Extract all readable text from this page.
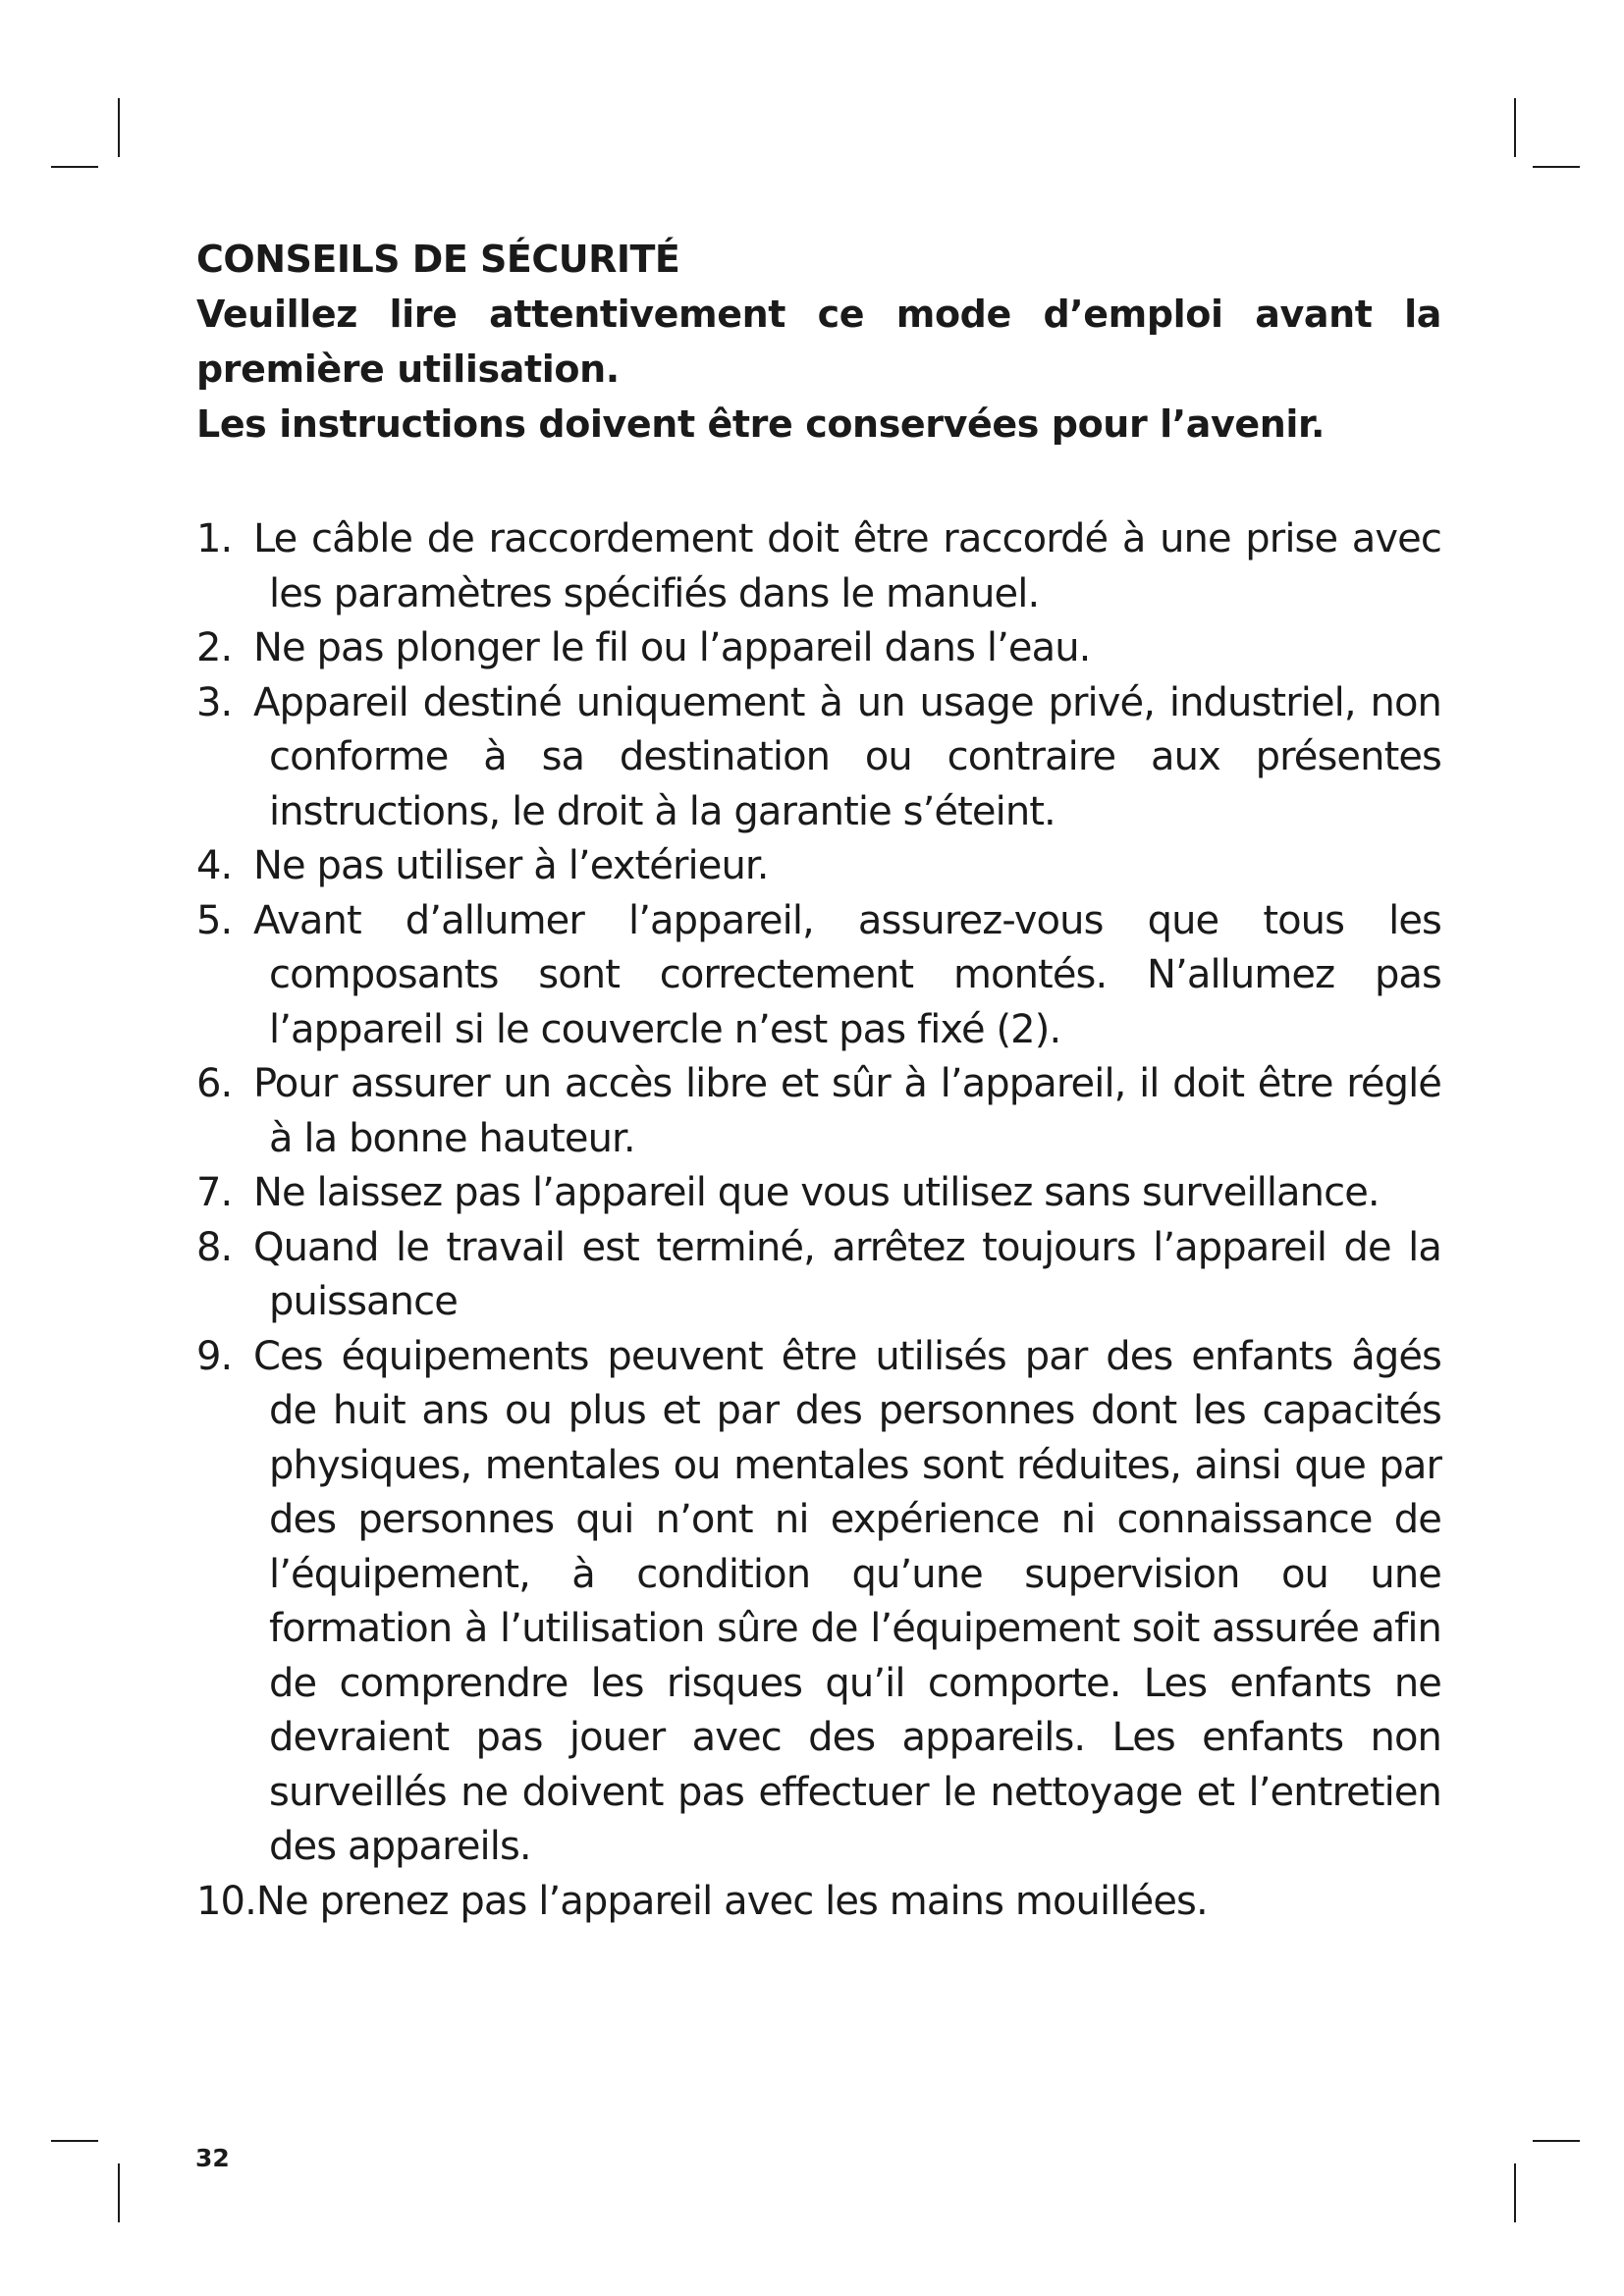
CONSEILS DE SÉCURITÉ

Veuillez lire attentivement ce mode d’emploi avant la première utilisation.

Les instructions doivent être conservées pour l’avenir.

1. Le câble de raccordement doit être raccordé à une prise avec les paramètres spécifiés dans le manuel.
2. Ne pas plonger le fil ou l’appareil dans l’eau.
3. Appareil destiné uniquement à un usage privé, industriel, non conforme à sa destination ou contraire aux présentes instructions, le droit à la garantie s’éteint.
4. Ne pas utiliser à l’extérieur.
5. Avant d’allumer l’appareil, assurez-vous que tous les composants sont correctement montés. N’allumez pas l’appareil si le couvercle n’est pas fixé (2).
6. Pour assurer un accès libre et sûr à l’appareil, il doit être réglé à la bonne hauteur.
7. Ne laissez pas l’appareil que vous utilisez sans surveillance.
8. Quand le travail est terminé, arrêtez toujours l’appareil de la puissance
9. Ces équipements peuvent être utilisés par des enfants âgés de huit ans ou plus et par des personnes dont les capacités physiques, mentales ou mentales sont réduites, ainsi que par des personnes qui n’ont ni expérience ni connaissance de l’équipement, à condition qu’une supervision ou une formation à l’utilisation sûre de l’équipement soit assurée afin de comprendre les risques qu’il comporte. Les enfants ne devraient pas jouer avec des appareils. Les enfants non surveillés ne doivent pas effectuer le nettoyage et l’entretien des appareils.
10. Ne prenez pas l’appareil avec les mains mouillées.
32
